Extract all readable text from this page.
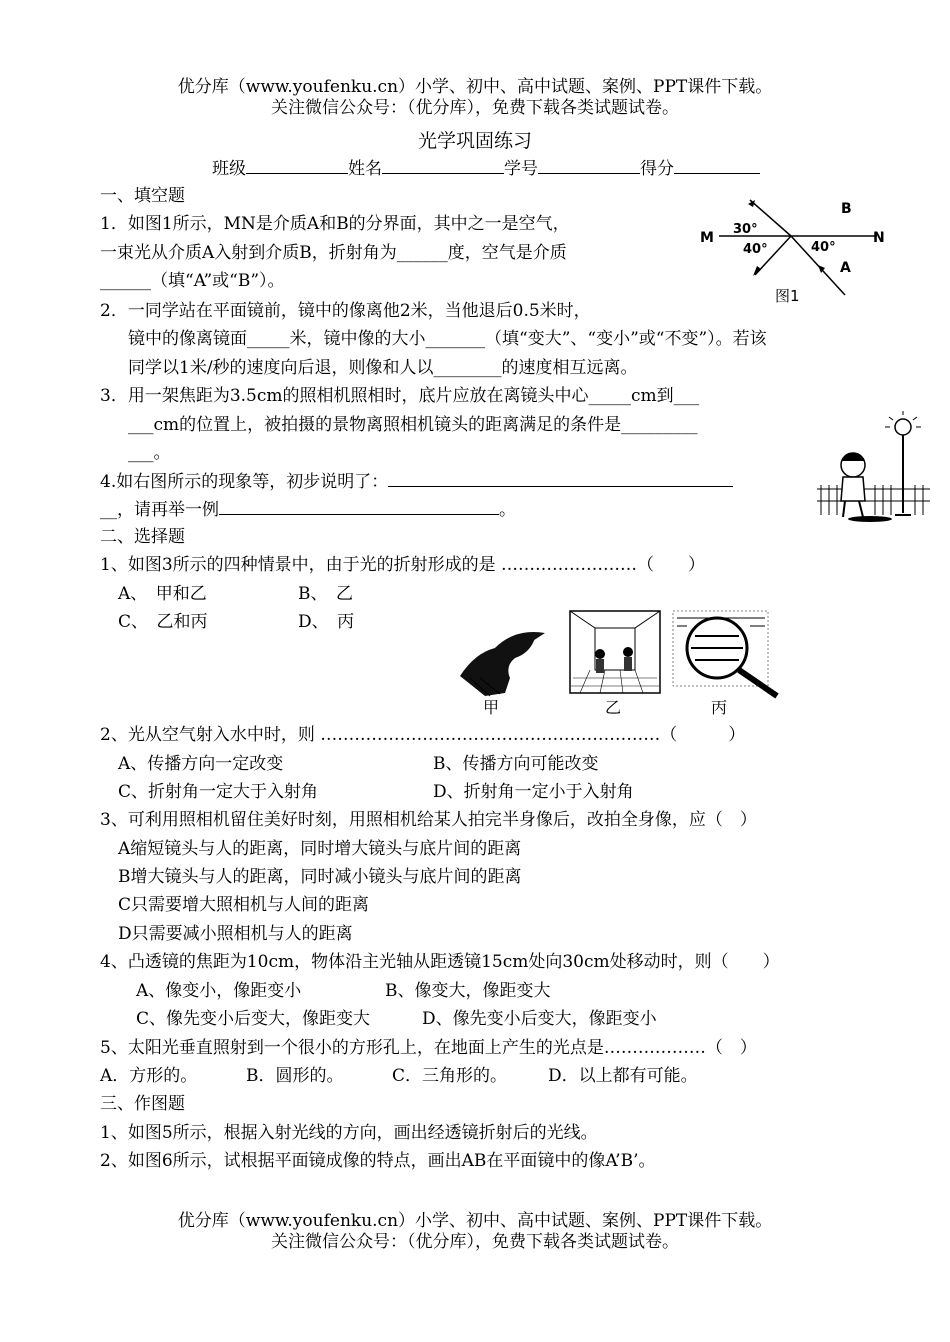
优分库（www.youfenku.cn）小学、初中、高中试题、案例、PPT课件下载。
关注微信公众号：（优分库），免费下载各类试题试卷。
光学巩固练习
班级	姓名	学号	得分
一、填空题
1．如图1所示，MN是介质A和B的分界面，其中之一是空气，
一束光从介质A入射到介质B，折射角为______度，空气是介质
______（填“A”或“B”）。
M	N
B
A
30°
40°	40°
图1
2．一同学站在平面镜前，镜中的像离他2米，当他退后0.5米时，
镜中的像离镜面_____米，镜中像的大小_______（填“变大”、“变小”或“不变”）。若该
同学以1米/秒的速度向后退，则像和人以________的速度相互远离。
3．用一架焦距为3.5cm的照相机照相时，底片应放在离镜头中心_____cm到___
___cm的位置上，被拍摄的景物离照相机镜头的距离满足的条件是_________
___。
4.如右图所示的现象等，初步说明了：
__，请再举一例	。
二、选择题
1、如图3所示的四种情景中，由于光的折射形成的是 ……………………（　　）
A、　甲和乙	B、　乙
C、　乙和丙	D、　丙
甲	乙	丙
2、光从空气射入水中时，则 ……………………………………………………（　　　）
A、传播方向一定改变	B、传播方向可能改变
C、折射角一定大于入射角	D、折射角一定小于入射角
3、可利用照相机留住美好时刻，用照相机给某人拍完半身像后，改拍全身像，应（　）
A缩短镜头与人的距离，同时增大镜头与底片间的距离
B增大镜头与人的距离，同时减小镜头与底片间的距离
C只需要增大照相机与人间的距离
D只需要减小照相机与人的距离
4、凸透镜的焦距为10cm，物体沿主光轴从距透镜15cm处向30cm处移动时，则（　　）
A、像变小，像距变小	B、像变大，像距变大
C、像先变小后变大，像距变大	D、像先变小后变大，像距变小
5、太阳光垂直照射到一个很小的方形孔上，在地面上产生的光点是………………（　）
A．方形的。	B．圆形的。	C．三角形的。 D．以上都有可能。
三、作图题
1、如图5所示，根据入射光线的方向，画出经透镜折射后的光线。
2、如图6所示，试根据平面镜成像的特点，画出AB在平面镜中的像A’B’。
优分库（www.youfenku.cn）小学、初中、高中试题、案例、PPT课件下载。
关注微信公众号：（优分库），免费下载各类试题试卷。
